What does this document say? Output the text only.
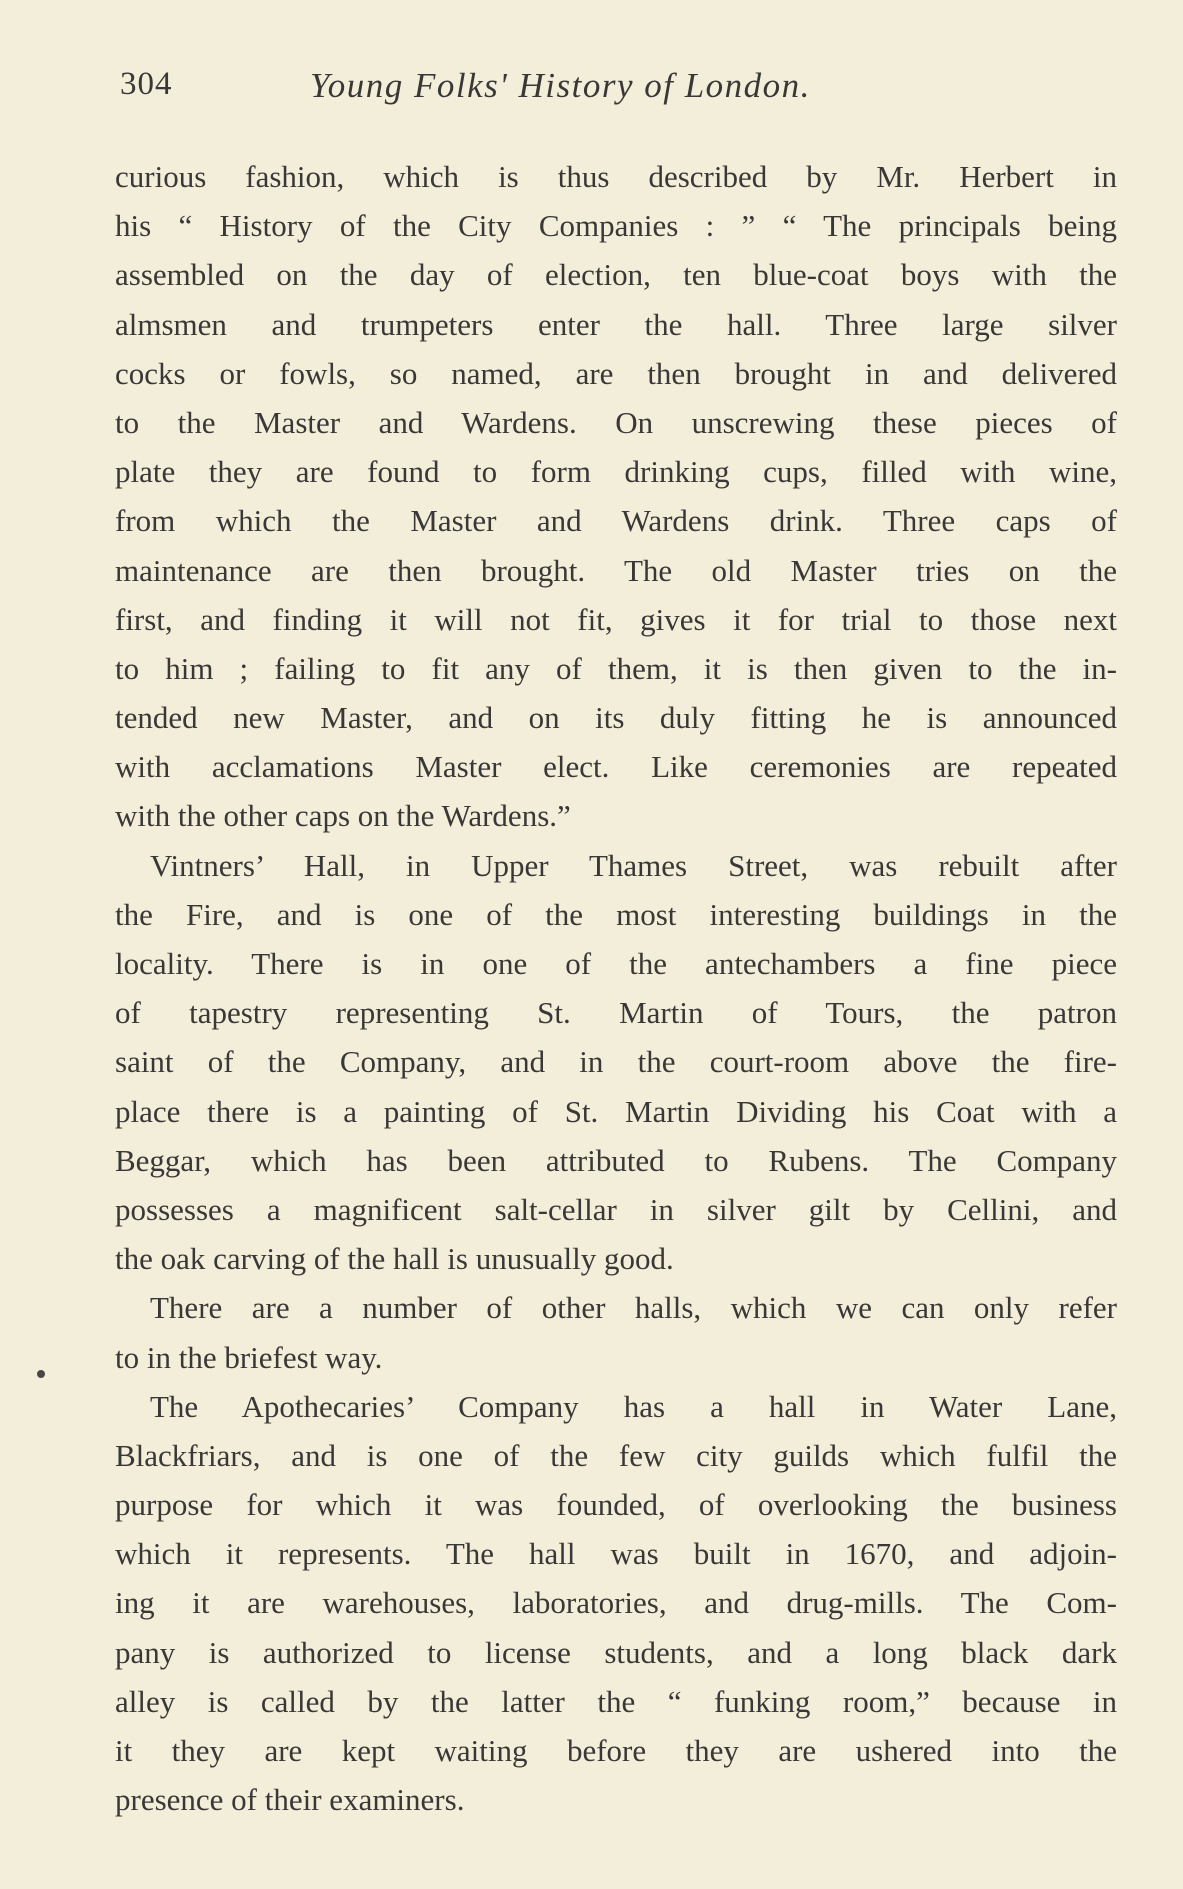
304	Young Folks' History of London.
curious fashion, which is thus described by Mr. Herbert in
his “ History of the City Companies : ” “ The principals being
assembled on the day of election, ten blue-coat boys with the
almsmen and trumpeters enter the hall. Three large silver
cocks or fowls, so named, are then brought in and delivered
to the Master and Wardens. On unscrewing these pieces of
plate they are found to form drinking cups, filled with wine,
from which the Master and Wardens drink. Three caps of
maintenance are then brought. The old Master tries on the
first, and finding it will not fit, gives it for trial to those next
to him ; failing to fit any of them, it is then given to the in-
tended new Master, and on its duly fitting he is announced
with acclamations Master elect. Like ceremonies are repeated
with the other caps on the Wardens.”
Vintners’ Hall, in Upper Thames Street, was rebuilt after
the Fire, and is one of the most interesting buildings in the
locality. There is in one of the antechambers a fine piece
of tapestry representing St. Martin of Tours, the patron
saint of the Company, and in the court-room above the fire-
place there is a painting of St. Martin Dividing his Coat with a
Beggar, which has been attributed to Rubens. The Company
possesses a magnificent salt-cellar in silver gilt by Cellini, and
the oak carving of the hall is unusually good.
There are a number of other halls, which we can only refer
to in the briefest way.
The Apothecaries’ Company has a hall in Water Lane,
Blackfriars, and is one of the few city guilds which fulfil the
purpose for which it was founded, of overlooking the business
which it represents. The hall was built in 1670, and adjoin-
ing it are warehouses, laboratories, and drug-mills. The Com-
pany is authorized to license students, and a long black dark
alley is called by the latter the “ funking room,” because in
it they are kept waiting before they are ushered into the
presence of their examiners.
